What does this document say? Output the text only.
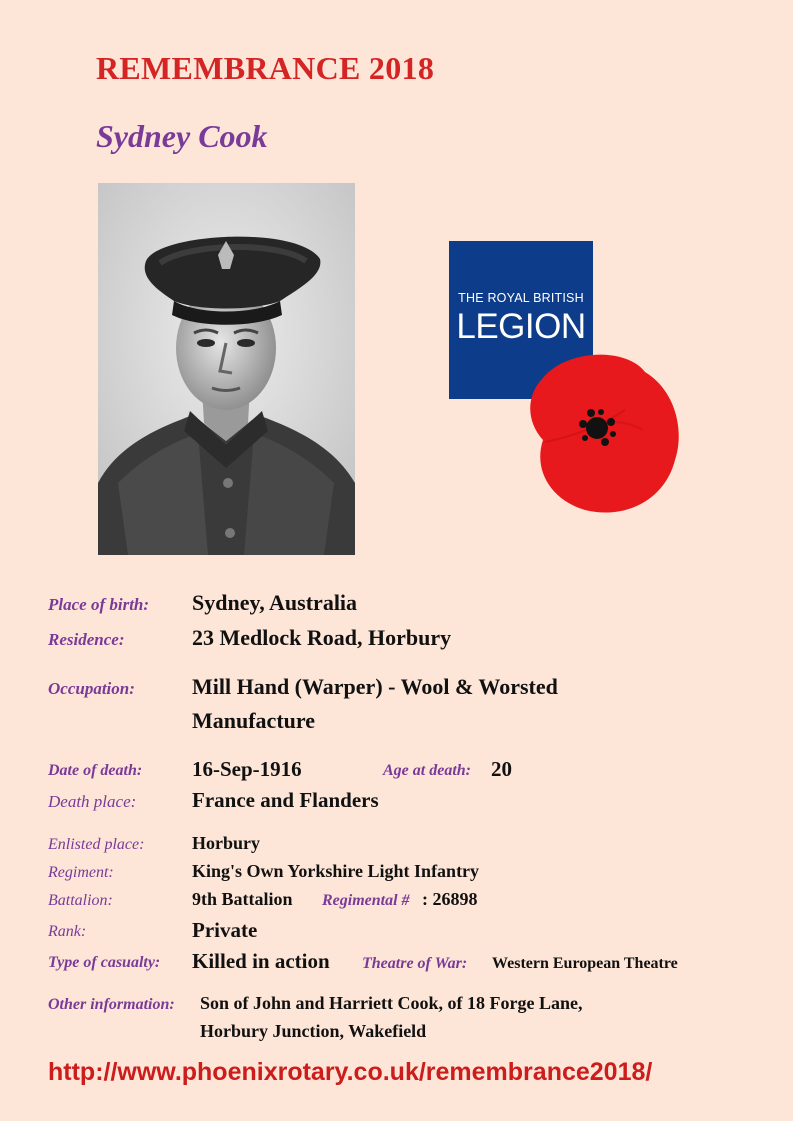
REMEMBRANCE 2018
Sydney Cook
THE ROYAL BRITISH
LEGION
Place of birth: Sydney, Australia
Residence:	23 Medlock Road, Horbury
Occupation:	Mill Hand (Warper) - Wool & Worsted
Manufacture
Date of death: 16-Sep-1916	Age at death: 20
Death place:	France and Flanders
Enlisted place:	Horbury
Regiment:	King's Own Yorkshire Light Infantry
Battalion:	9th Battalion Regimental # : 26898
Rank:	Private
Type of casualty: Killed in action Theatre of War: Western European Theatre
Other information: Son of John and Harriett Cook, of 18 Forge Lane,
Horbury Junction, Wakefield
http://www.phoenixrotary.co.uk/remembrance2018/
